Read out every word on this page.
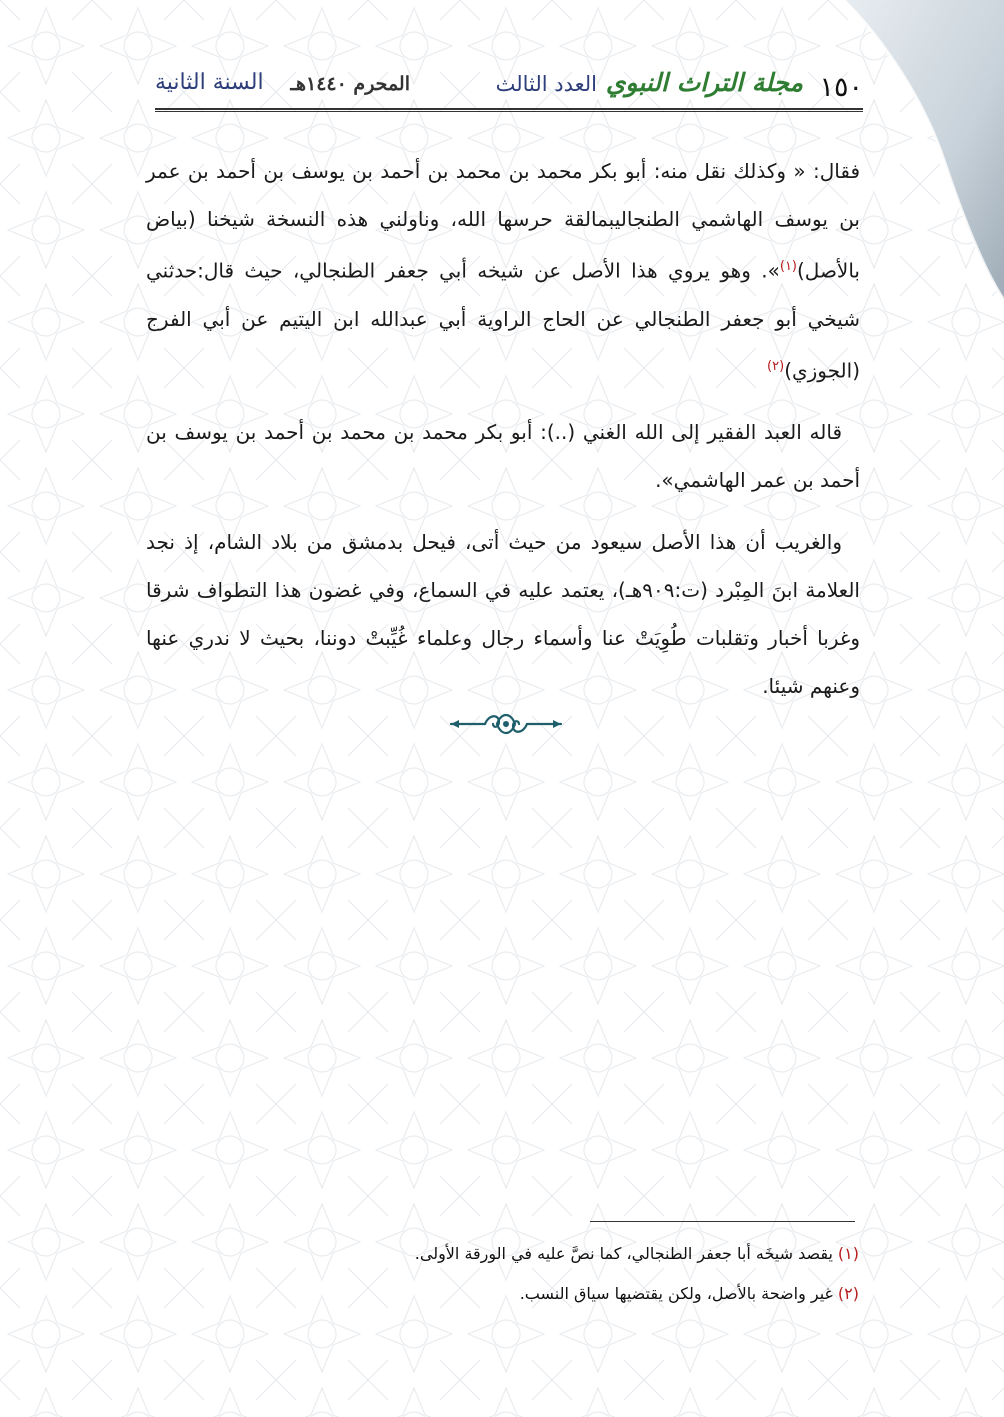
١٥٠
مجلة التراث النبوي
العدد الثالث
المحرم ١٤٤٠هـ
السنة الثانية

فقال: « وكذلك نقل منه: أبو بكر محمد بن محمد بن أحمد بن يوسف بن أحمد بن عمر بن يوسف الهاشمي الطنجاليبمالقة حرسها الله، وناولني هذه النسخة شيخنا (بياض بالأصل)$^{(١)}$». وهو يروي هذا الأصل عن شيخه أبي جعفر الطنجالي، حيث قال:حدثني شيخي أبو جعفر الطنجالي عن الحاج الراوية أبي عبدالله ابن اليتيم عن أبي الفرج (الجوزي)$^{(٢)}$

قاله العبد الفقير إلى الله الغني (..): أبو بكر محمد بن محمد بن أحمد بن يوسف بن أحمد بن عمر الهاشمي».

والغريب أن هذا الأصل سيعود من حيث أتى، فيحل بدمشق من بلاد الشام، إذ نجد العلامة ابنَ المِبْرد (ت:٩٠٩هـ)، يعتمد عليه في السماع، وفي غضون هذا التطواف شرقا وغربا أخبار وتقلبات طُوِيَتْ عنا وأسماء رجال وعلماء غُيِّبتْ دوننا، بحيث لا ندري عنها وعنهم شيئا.

(١)يقصد شيخَه أبا جعفر الطنجالي، كما نصَّ عليه في الورقة الأولى.
(٢)غير واضحة بالأصل، ولكن يقتضيها سياق النسب.
